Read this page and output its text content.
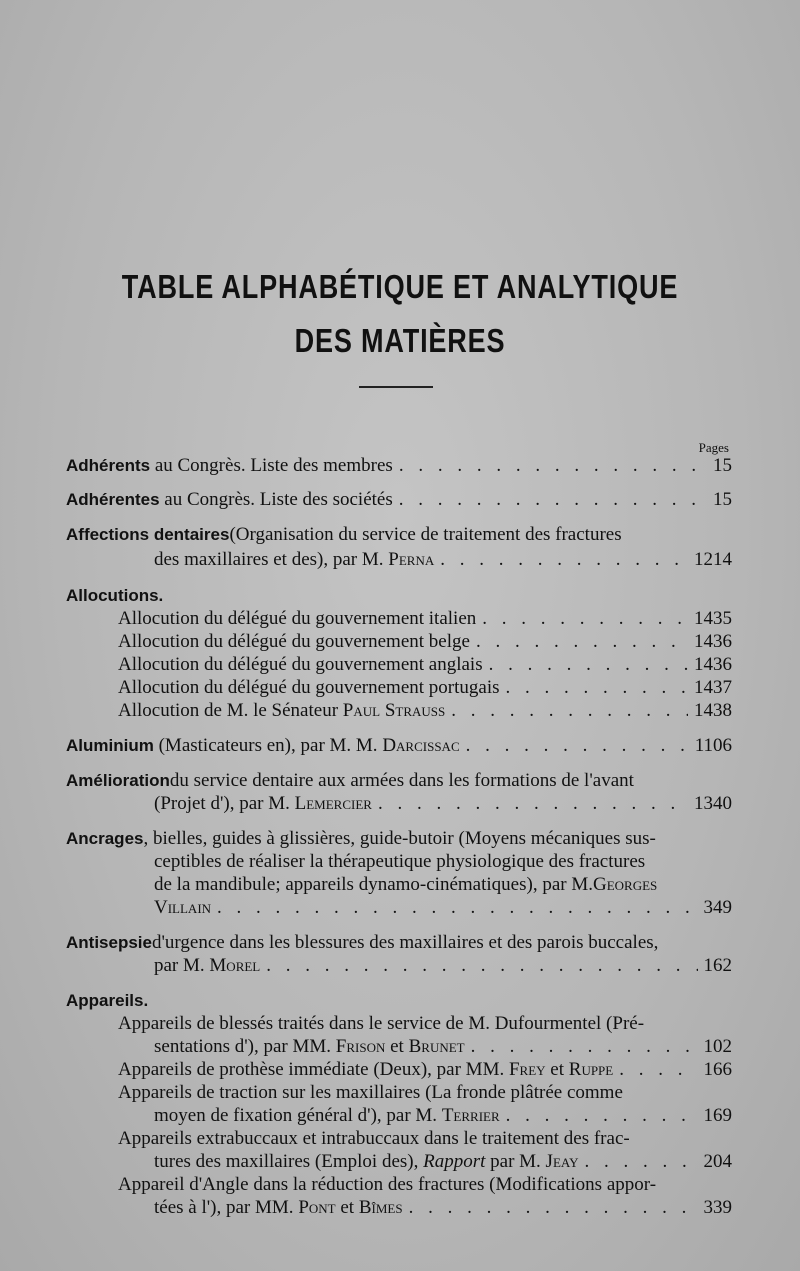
TABLE ALPHABÉTIQUE ET ANALYTIQUE
DES MATIÈRES
Pages
Adhérents au Congrès. Liste des membres . . .	15
Adhérentes au Congrès. Liste des sociétés . . .	15
Affections dentaires (Organisation du service de traitement des fractures
des maxillaires et des), par M. Perna . . .	1214
Allocutions.
Allocution du délégué du gouvernement italien . . .	1435
Allocution du délégué du gouvernement belge . . .	1436
Allocution du délégué du gouvernement anglais . . .	1436
Allocution du délégué du gouvernement portugais . . .	1437
Allocution de M. le Sénateur Paul Strauss . . .	1438
Aluminium (Masticateurs en), par M. M. Darcissac . . .	1106
Amélioration du service dentaire aux armées dans les formations de l'avant
(Projet d'), par M. Lemercier . . .	1340
Ancrages , bielles, guides à glissières, guide-butoir (Moyens mécaniques sus-
ceptibles de réaliser la thérapeutique physiologique des fractures
de la mandibule; appareils dynamo-cinématiques), par M. Georges
Villain . . .	349
Antisepsie d'urgence dans les blessures des maxillaires et des parois buccales,
par M. Morel . . .	162
Appareils.
Appareils de blessés traités dans le service de M. Dufourmentel (Pré-
sentations d'), par MM. Frison et Brunet . . .	102
Appareils de prothèse immédiate (Deux), par MM. Frey et Ruppe . . .	166
Appareils de traction sur les maxillaires (La fronde plâtrée comme
moyen de fixation général d'), par M. Terrier . . .	169
Appareils extrabuccaux et intrabuccaux dans le traitement des frac-
tures des maxillaires (Emploi des), Rapport par M. Jeay . . .	204
Appareil d'Angle dans la réduction des fractures (Modifications appor-
tées à l'), par MM. Pont et Bîmes . . .	339
